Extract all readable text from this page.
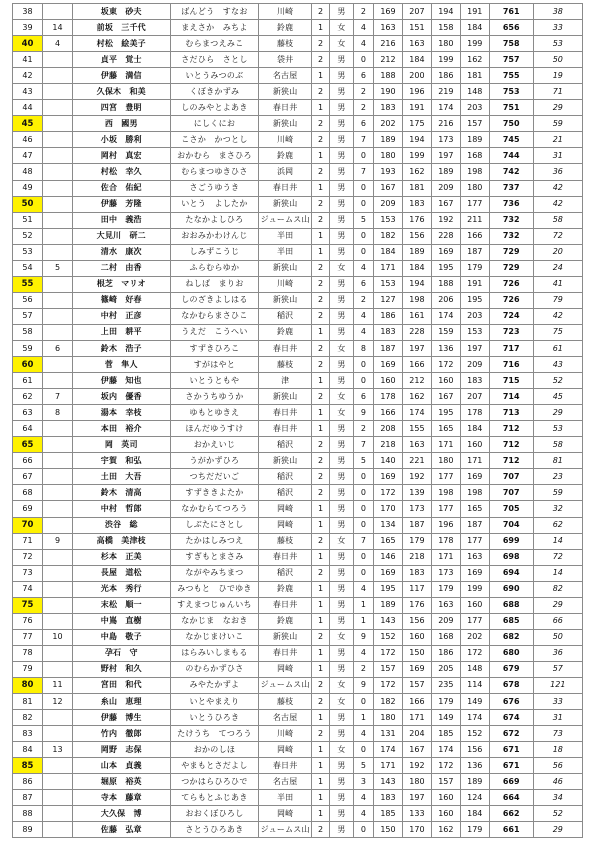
38		坂東　砂夫	ばんどう　すなお	川崎	2	男	2	169	207	194	191	761	38
39	14	前坂　三千代	まえさか　みちよ	鈴鹿	1	女	4	163	151	158	184	656	33
40	4	村松　絵美子	むらまつえみこ	藤枝	2	女	4	216	163	180	199	758	53
41		貞平　覚士	さだひら　さとし	袋井	2	男	0	212	184	199	162	757	50
42		伊藤　満信	いとうみつのぶ	名古屋	1	男	6	188	200	186	181	755	19
43		久保木　和美	くぼきかずみ	新狭山	2	男	2	190	196	219	148	753	71
44		四宮　豊明	しのみやとよあき	春日井	1	男	2	183	191	174	203	751	29
45		西　國男	にしくにお	新狭山	2	男	6	202	175	216	157	750	59
46		小坂　勝利	こさか　かつとし	川崎	2	男	7	189	194	173	189	745	21
47		岡村　真宏	おかむら　まさひろ	鈴鹿	1	男	0	180	199	197	168	744	31
48		村松　幸久	むらまつゆきひさ	浜岡	2	男	7	193	162	189	198	742	36
49		佐合　佑紀	さごうゆうき	春日井	1	男	0	167	181	209	180	737	42
50		伊藤　芳隆	いとう　よしたか	新狭山	2	男	0	209	183	167	177	736	42
51		田中　義浩	たなかよしひろ	ジュームス山	2	男	5	153	176	192	211	732	58
52		大見川　研二	おおみかわけんじ	半田	1	男	0	182	156	228	166	732	72
53		清水　康次	しみずこうじ	半田	1	男	0	184	189	169	187	729	20
54	5	二村　由香	ふらむらゆか	新狭山	2	女	4	171	184	195	179	729	24
55		根芝　マリオ	ねしば　まりお	川崎	2	男	6	153	194	188	191	726	41
56		篠崎　好春	しのざきよしはる	新狭山	2	男	2	127	198	206	195	726	79
57		中村　正彦	なかむらまさひこ	稲沢	2	男	4	186	161	174	203	724	42
58		上田　耕平	うえだ　こうへい	鈴鹿	1	男	4	183	228	159	153	723	75
59	6	鈴木　浩子	すずきひろこ	春日井	2	女	8	187	197	136	197	717	61
60		菅　隼人	すがはやと	藤枝	2	男	0	169	166	172	209	716	43
61		伊藤　知也	いとうともや	津	1	男	0	160	212	160	183	715	52
62	7	坂内　優香	さかうちゆうか	新狭山	2	女	6	178	162	167	207	714	45
63	8	湯本　幸枝	ゆもとゆきえ	春日井	1	女	9	166	174	195	178	713	29
64		本田　裕介	ほんだゆうすけ	春日井	1	男	2	208	155	165	184	712	53
65		岡　英司	おかえいじ	稲沢	2	男	7	218	163	171	160	712	58
66		宇賀　和弘	うがかずひろ	新狭山	2	男	5	140	221	180	171	712	81
67		土田　大吾	つちだだいご	稲沢	2	男	0	169	192	177	169	707	23
68		鈴木　清高	すずききよたか	稲沢	2	男	0	172	139	198	198	707	59
69		中村　哲郎	なかむらてつろう	岡崎	1	男	0	170	173	177	165	705	32
70		渋谷　総	しぶたにさとし	岡崎	1	男	0	134	187	196	187	704	62
71	9	高橋　美津枝	たかはしみつえ	藤枝	2	女	7	165	179	178	177	699	14
72		杉本　正美	すぎもとまさみ	春日井	1	男	0	146	218	171	163	698	72
73		長屋　道松	ながやみちまつ	稲沢	2	男	0	169	183	173	169	694	14
74		光本　秀行	みつもと　ひでゆき	鈴鹿	1	男	4	195	117	179	199	690	82
75		末松　順一	すえまつじゅんいち	春日井	1	男	1	189	176	163	160	688	29
76		中嶌　直樹	なかじま　なおき	鈴鹿	1	男	1	143	156	209	177	685	66
77	10	中島　敬子	なかじまけいこ	新狭山	2	女	9	152	160	168	202	682	50
78		孕石　守	はらみいしまもる	春日井	1	男	4	172	150	186	172	680	36
79		野村　和久	のむらかずひさ	岡崎	1	男	2	157	169	205	148	679	57
80	11	宮田　和代	みやたかずよ	ジュームス山	2	女	9	172	157	235	114	678	121
81	12	糸山　恵理	いとやまえり	藤枝	2	女	0	182	166	179	149	676	33
82		伊藤　博生	いとうひろき	名古屋	1	男	1	180	171	149	174	674	31
83		竹内　徹郎	たけうち　てつろう	川崎	2	男	4	131	204	185	152	672	73
84	13	岡野　志保	おかのしほ	岡崎	1	女	0	174	167	174	156	671	18
85		山本　貞義	やまもとさだよし	春日井	1	男	5	171	192	172	136	671	56
86		堀原　裕英	つかはらひろひで	名古屋	1	男	3	143	180	157	189	669	46
87		寺本　藤章	てらもとふじあき	半田	1	男	4	183	197	160	124	664	34
88		大久保　博	おおくぼひろし	岡崎	1	男	4	185	133	160	184	662	52
89		佐藤　弘章	さとうひろあき	ジュームス山	2	男	0	150	170	162	179	661	29
